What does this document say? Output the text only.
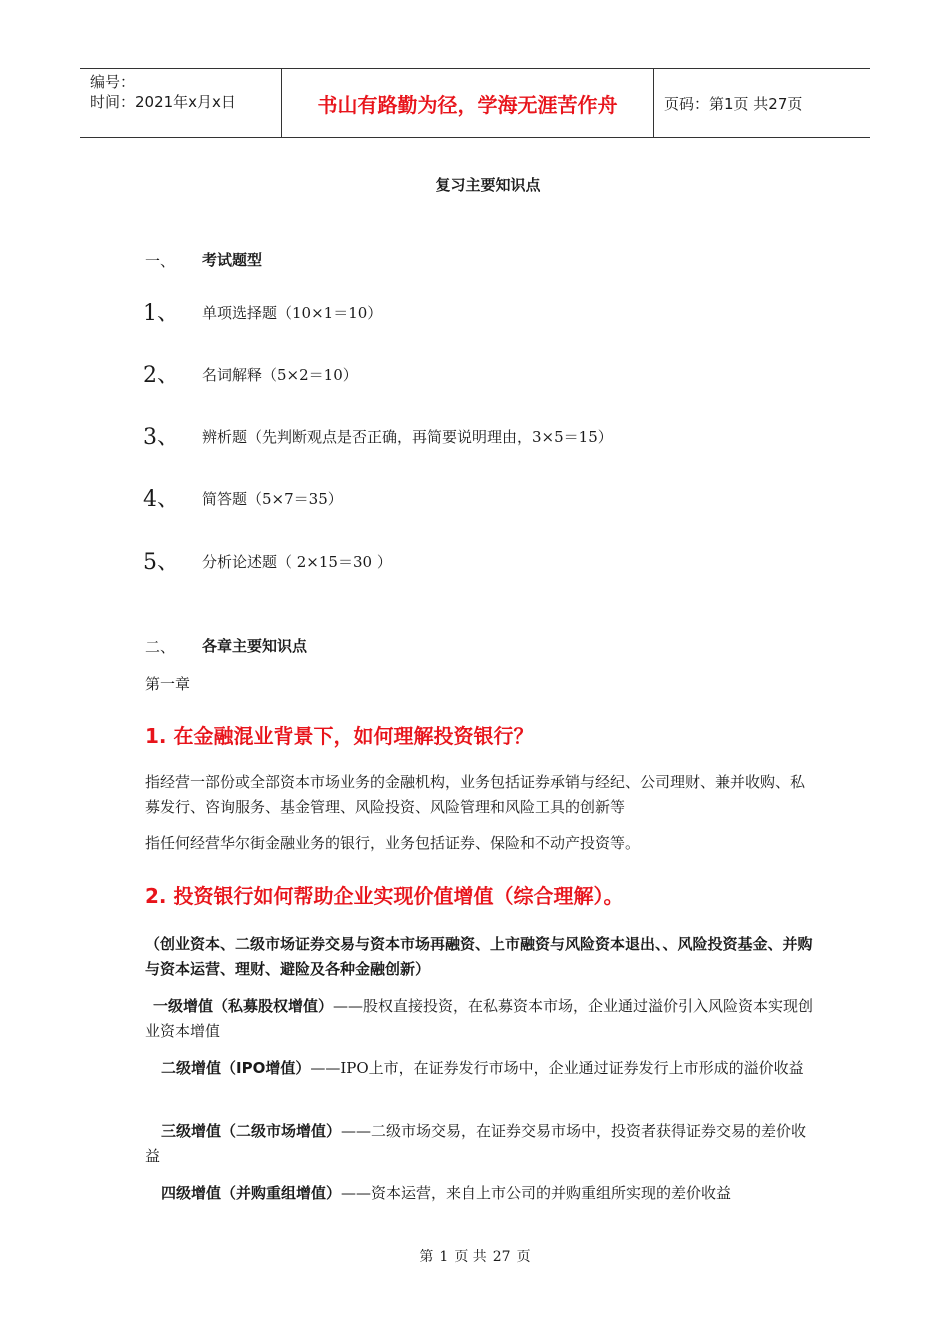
编号：
时间：2021年x月x日	书山有路勤为径，学海无涯苦作舟	页码：第1页 共27页
复习主要知识点
一、 考试题型
1、 单项选择题（10×1＝10）
2、 名词解释（5×2＝10）
3、 辨析题（先判断观点是否正确，再简要说明理由，3×5＝15）
4、 简答题（5×7＝35）
5、 分析论述题（ 2×15＝30 ）
二、 各章主要知识点
第一章
1. 在金融混业背景下，如何理解投资银行？
指经营一部份或全部资本市场业务的金融机构，业务包括证券承销与经纪、公司理财、兼并收购、私募发行、咨询服务、基金管理、风险投资、风险管理和风险工具的创新等
指任何经营华尔街金融业务的银行，业务包括证券、保险和不动产投资等。
2. 投资银行如何帮助企业实现价值增值（综合理解）。
（创业资本、二级市场证券交易与资本市场再融资、上市融资与风险资本退出、、风险投资基金、并购与资本运营、理财、避险及各种金融创新）
一级增值（私募股权增值）——股权直接投资，在私募资本市场，企业通过溢价引入风险资本实现创业资本增值
二级增值（IPO增值）——IPO上市，在证券发行市场中，企业通过证券发行上市形成的溢价收益
三级增值（二级市场增值）——二级市场交易，在证券交易市场中，投资者获得证券交易的差价收益
四级增值（并购重组增值）——资本运营，来自上市公司的并购重组所实现的差价收益
第 1 页 共 27 页
